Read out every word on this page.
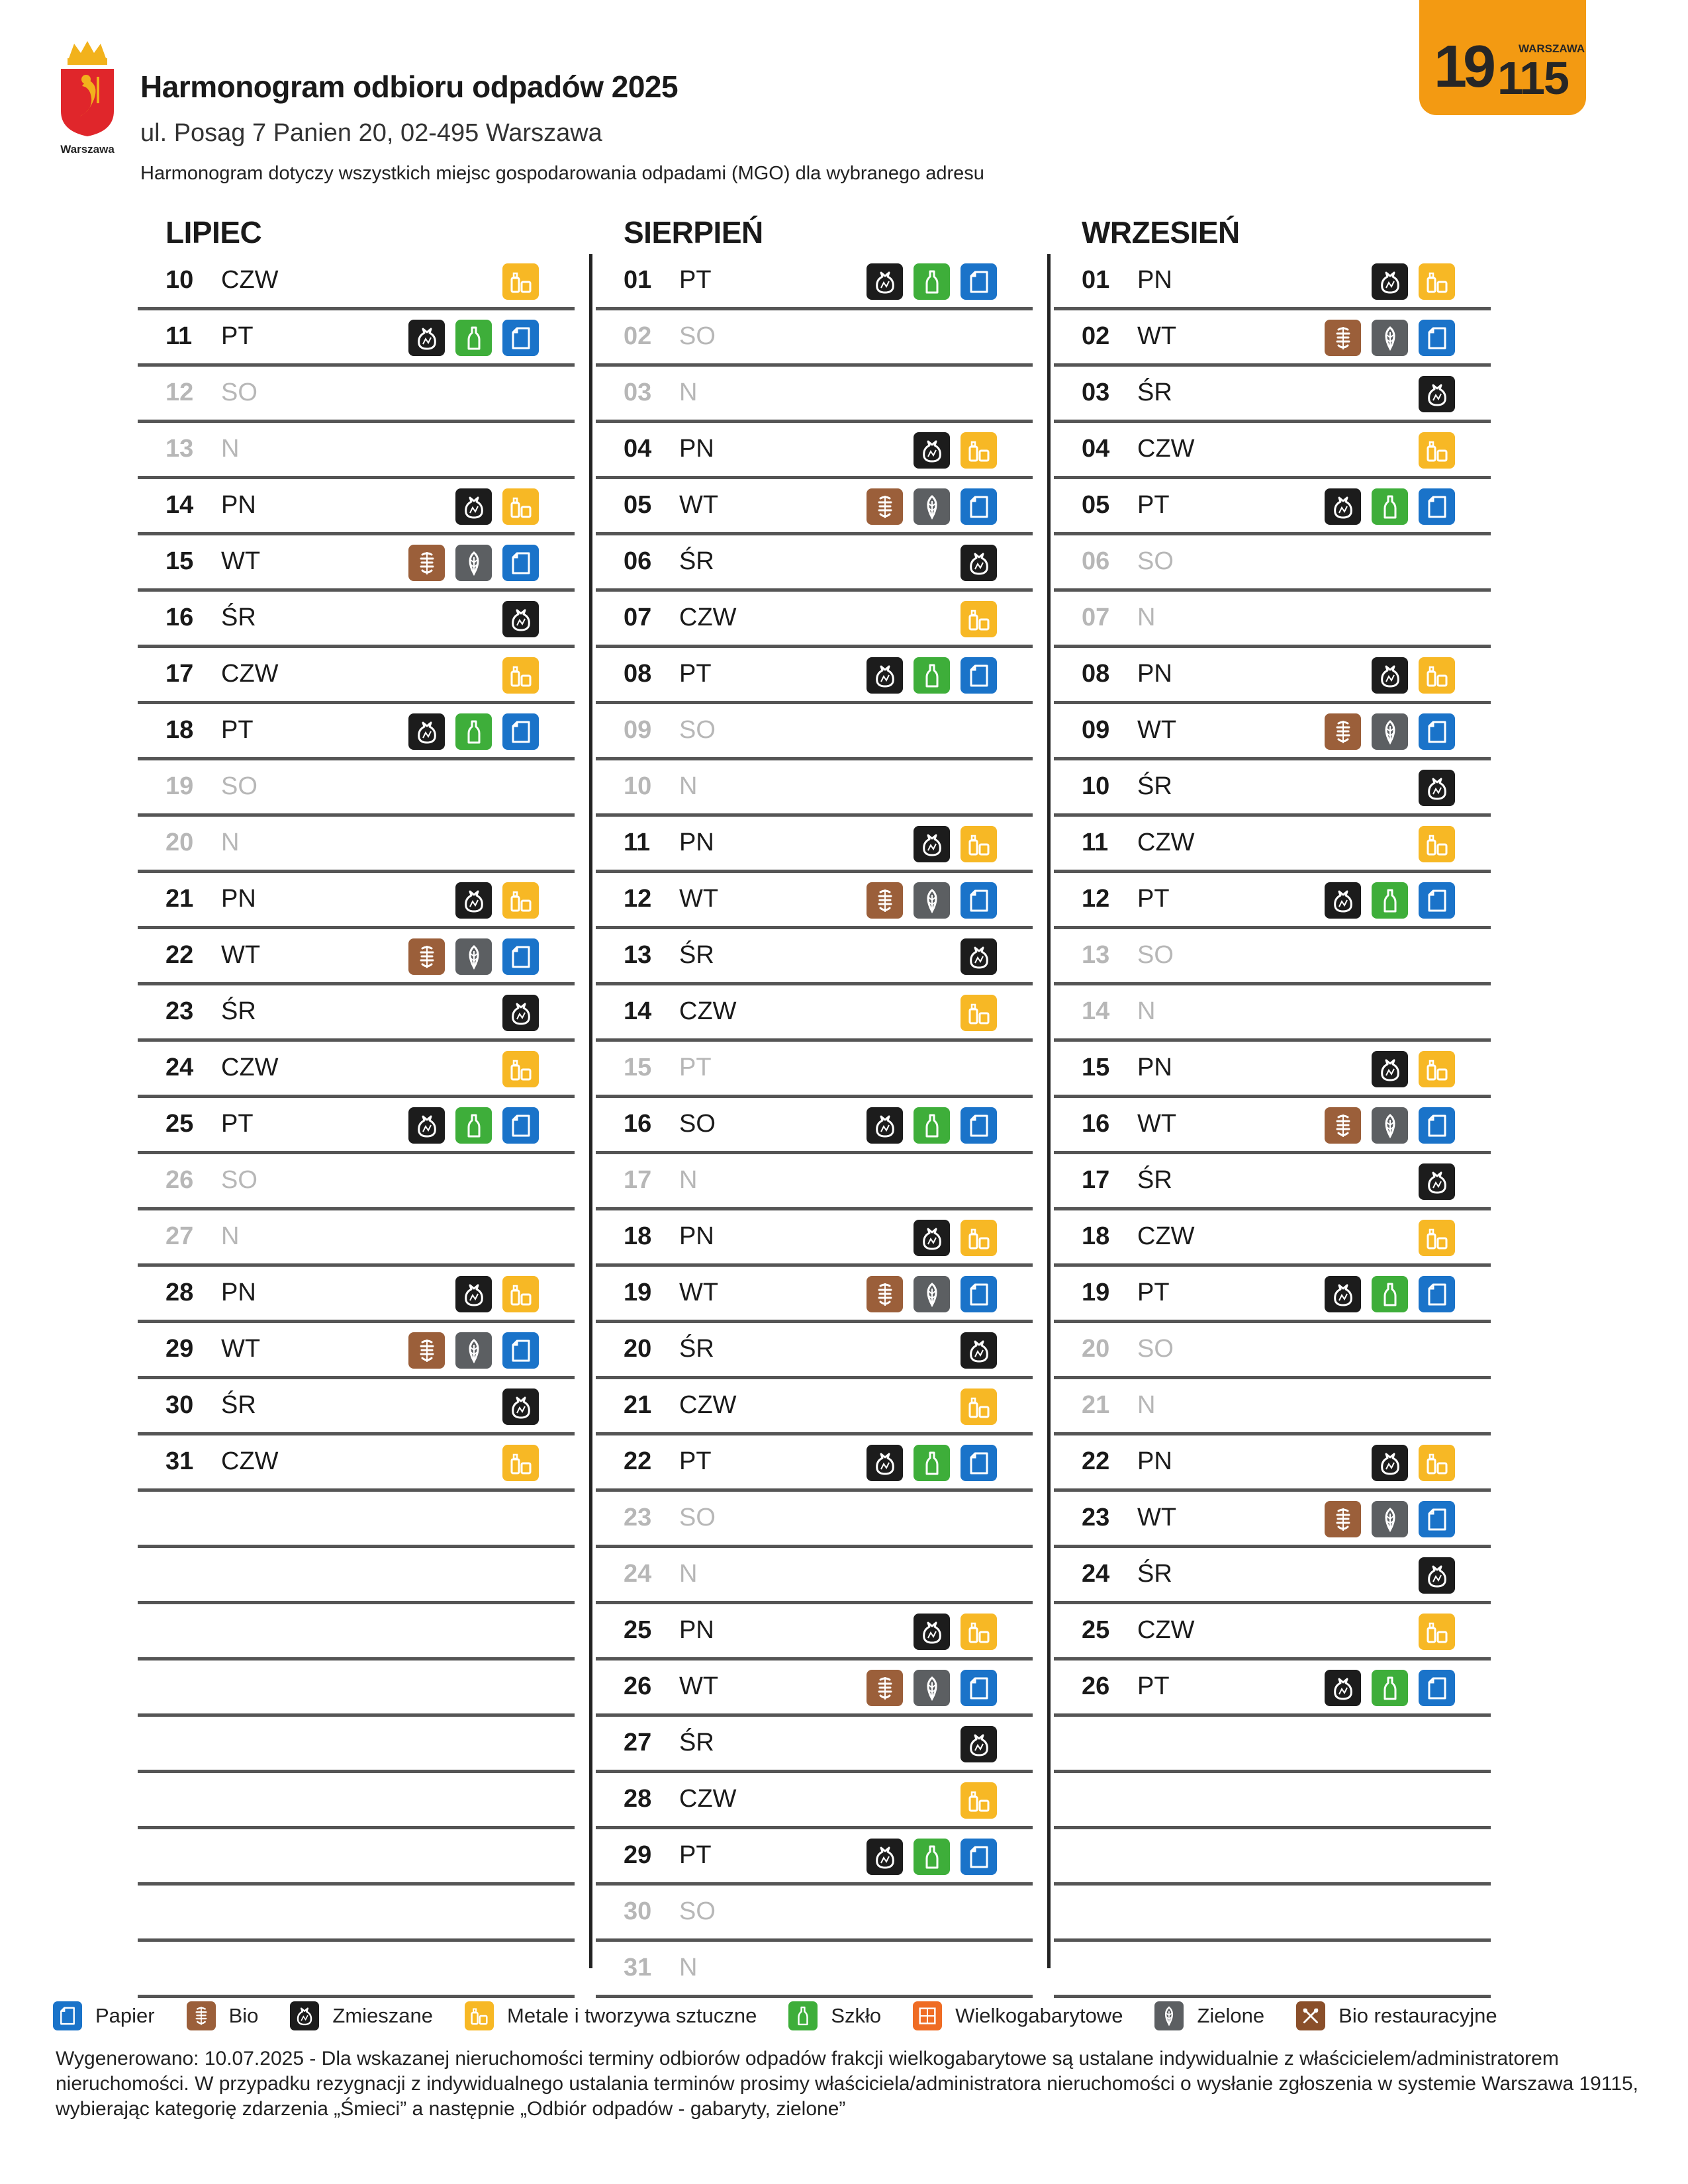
Warszawa
Harmonogram odbioru odpadów 2025
ul. Posag 7 Panien 20, 02-495 Warszawa
Harmonogram dotyczy wszystkich miejsc gospodarowania odpadami (MGO) dla wybranego adresu
19 WARSZAWA
115
LIPIEC
10 CZW
11 PT
12 SO
13 N
14 PN
15 WT
16 ŚR
17 CZW
18 PT
19 SO
20 N
21 PN
22 WT
23 ŚR
24 CZW
25 PT
26 SO
27 N
28 PN
29 WT
30 ŚR
31 CZW
SIERPIEŃ
01 PT
02 SO
03 N
04 PN
05 WT
06 ŚR
07 CZW
08 PT
09 SO
10 N
11 PN
12 WT
13 ŚR
14 CZW
15 PT
16 SO
17 N
18 PN
19 WT
20 ŚR
21 CZW
22 PT
23 SO
24 N
25 PN
26 WT
27 ŚR
28 CZW
29 PT
30 SO
31 N
WRZESIEŃ
01 PN
02 WT
03 ŚR
04 CZW
05 PT
06 SO
07 N
08 PN
09 WT
10 ŚR
11 CZW
12 PT
13 SO
14 N
15 PN
16 WT
17 ŚR
18 CZW
19 PT
20 SO
21 N
22 PN
23 WT
24 ŚR
25 CZW
26 PT
Papier	Bio	Zmieszane	Metale i tworzywa sztuczne	Szkło	Wielkogabarytowe	Zielone	Bio restauracyjne
Wygenerowano: 10.07.2025 - Dla wskazanej nieruchomości terminy odbiorów odpadów frakcji wielkogabarytowe są ustalane indywidualnie z właścicielem/administratorem nieruchomości. W przypadku rezygnacji z indywidualnego ustalania terminów prosimy właściciela/administratora nieruchomości o wysłanie zgłoszenia w systemie Warszawa 19115, wybierając kategorię zdarzenia „Śmieci” a następnie „Odbiór odpadów - gabaryty, zielone”
